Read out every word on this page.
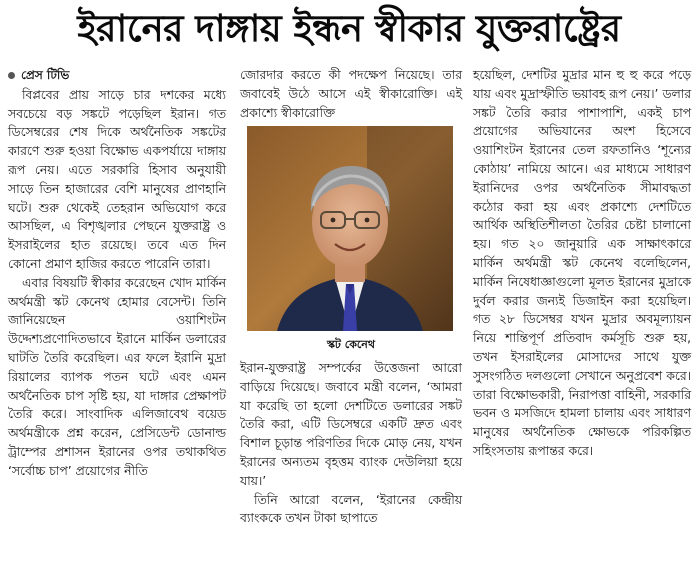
ইরানের দাঙ্গায় ইন্ধন স্বীকার যুক্তরাষ্ট্রের
প্রেস টিভি

বিপ্লবের প্রায় সাড়ে চার দশকের মধ্যে সবচেয়ে বড় সঙ্কটে পড়েছিল ইরান। গত ডিসেম্বরের শেষ দিকে অর্থনৈতিক সঙ্কটের কারণে শুরু হওয়া বিক্ষোভ একপর্যায়ে দাঙ্গায় রূপ নেয়। এতে সরকারি হিসাব অনুযায়ী সাড়ে তিন হাজারের বেশি মানুষের প্রাণহানি ঘটে। শুরু থেকেই তেহরান অভিযোগ করে আসছিল, এ বিশৃঙ্খলার পেছনে যুক্তরাষ্ট্র ও ইসরাইলের হাত রয়েছে। তবে এত দিন কোনো প্রমাণ হাজির করতে পারেনি তারা।

এবার বিষয়টি স্বীকার করেছেন খোদ মার্কিন অর্থমন্ত্রী স্কট কেনেথ হোমার বেসেন্ট। তিনি জানিয়েছেন ওয়াশিংটন উদ্দেশ্যপ্রণোদিতভাবে ইরানে মার্কিন ডলারের ঘাটতি তৈরি করেছিল। এর ফলে ইরানি মুদ্রা রিয়ালের ব্যাপক পতন ঘটে এবং এমন অর্থনৈতিক চাপ সৃষ্টি হয়, যা দাঙ্গার প্রেক্ষাপট তৈরি করে। সাংবাদিক এলিজাবেথ বয়েড অর্থমন্ত্রীকে প্রশ্ন করেন, প্রেসিডেন্ট ডোনাল্ড ট্রাম্পের প্রশাসন ইরানের ওপর তথাকথিত ‘সর্বোচ্চ চাপ’ প্রয়োগের নীতি

জোরদার করতে কী পদক্ষেপ নিয়েছে। তার জবাবেই উঠে আসে এই স্বীকারোক্তি। এই প্রকাশ্যে স্বীকারোক্তি

স্কট কেনেথ

ইরান-যুক্তরাষ্ট্র সম্পর্কের উত্তেজনা আরো বাড়িয়ে দিয়েছে। জবাবে মন্ত্রী বলেন, ‘আমরা যা করেছি তা হলো দেশটিতে ডলারের সঙ্কট তৈরি করা, এটি ডিসেম্বরে একটি দ্রুত এবং বিশাল চূড়ান্ত পরিণতির দিকে মোড় নেয়, যখন ইরানের অন্যতম বৃহত্তম ব্যাংক দেউলিয়া হয়ে যায়।’

তিনি আরো বলেন, ‘ইরানের কেন্দ্রীয় ব্যাংককে তখন টাকা ছাপাতে

হয়েছিল, দেশটির মুদ্রার মান হু হু করে পড়ে যায় এবং মুদ্রাস্ফীতি ভয়াবহ রূপ নেয়।’ ডলার সঙ্কট তৈরি করার পাশাপাশি, একই চাপ প্রয়োগের অভিযানের অংশ হিসেবে ওয়াশিংটন ইরানের তেল রফতানিও ‘শূন্যের কোঠায়’ নামিয়ে আনে। এর মাধ্যমে সাধারণ ইরানিদের ওপর অর্থনৈতিক সীমাবদ্ধতা কঠোর করা হয় এবং প্রকাশ্যে দেশটিতে আর্থিক অস্থিতিশীলতা তৈরির চেষ্টা চালানো হয়। গত ২০ জানুয়ারি এক সাক্ষাৎকারে মার্কিন অর্থমন্ত্রী স্কট কেনেথ বলেছিলেন, মার্কিন নিষেধাজ্ঞাগুলো মূলত ইরানের মুদ্রাকে দুর্বল করার জন্যই ডিজাইন করা হয়েছিল। গত ২৮ ডিসেম্বর যখন মুদ্রার অবমূল্যায়ন নিয়ে শান্তিপূর্ণ প্রতিবাদ কর্মসূচি শুরু হয়, তখন ইসরাইলের মোসাদের সাথে যুক্ত সুসংগঠিত দলগুলো সেখানে অনুপ্রবেশ করে। তারা বিক্ষোভকারী, নিরাপত্তা বাহিনী, সরকারি ভবন ও মসজিদে হামলা চালায় এবং সাধারণ মানুষের অর্থনৈতিক ক্ষোভকে পরিকল্পিত সহিংসতায় রূপান্তর করে।
